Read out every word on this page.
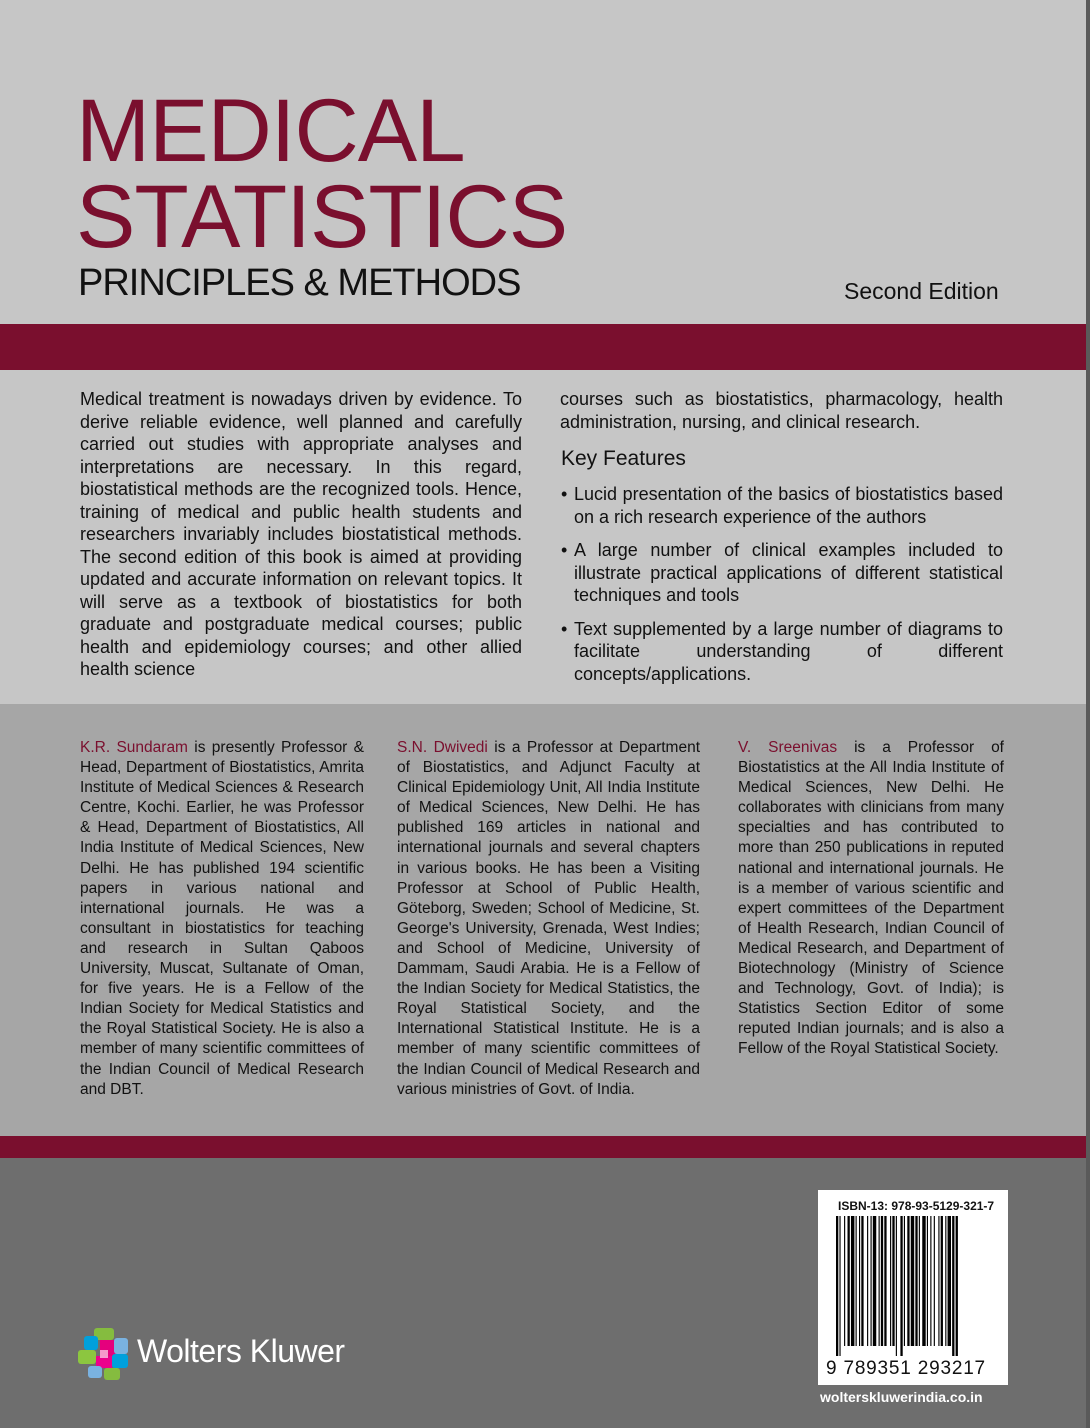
MEDICAL
STATISTICS
PRINCIPLES & METHODS	Second Edition
Medical treatment is nowadays driven by evidence. To derive reliable evidence, well planned and carefully carried out studies with appropriate analyses and interpretations are necessary. In this regard, biostatistical methods are the recognized tools. Hence, training of medical and public health students and researchers invariably includes biostatistical methods. The second edition of this book is aimed at providing updated and accurate information on relevant topics. It will serve as a textbook of biostatistics for both graduate and postgraduate medical courses; public health and epidemiology courses; and other allied health science
courses such as biostatistics, pharmacology, health administration, nursing, and clinical research.
Key Features
• Lucid presentation of the basics of biostatistics based on a rich research experience of the authors
• A large number of clinical examples included to illustrate practical applications of different statistical techniques and tools
• Text supplemented by a large number of diagrams to facilitate understanding of different concepts/applications.
K.R. Sundaram is presently Professor & Head, Department of Biostatistics, Amrita Institute of Medical Sciences & Research Centre, Kochi. Earlier, he was Professor & Head, Department of Biostatistics, All India Institute of Medical Sciences, New Delhi. He has published 194 scientific papers in various national and international journals. He was a consultant in biostatistics for teaching and research in Sultan Qaboos University, Muscat, Sultanate of Oman, for five years. He is a Fellow of the Indian Society for Medical Statistics and the Royal Statistical Society. He is also a member of many scientific committees of the Indian Council of Medical Research and DBT.
S.N. Dwivedi is a Professor at Department of Biostatistics, and Adjunct Faculty at Clinical Epidemiology Unit, All India Institute of Medical Sciences, New Delhi. He has published 169 articles in national and international journals and several chapters in various books. He has been a Visiting Professor at School of Public Health, Göteborg, Sweden; School of Medicine, St. George's University, Grenada, West Indies; and School of Medicine, University of Dammam, Saudi Arabia. He is a Fellow of the Indian Society for Medical Statistics, the Royal Statistical Society, and the International Statistical Institute. He is a member of many scientific committees of the Indian Council of Medical Research and various ministries of Govt. of India.
V. Sreenivas is a Professor of Biostatistics at the All India Institute of Medical Sciences, New Delhi. He collaborates with clinicians from many specialties and has contributed to more than 250 publications in reputed national and international journals. He is a member of various scientific and expert committees of the Department of Health Research, Indian Council of Medical Research, and Department of Biotechnology (Ministry of Science and Technology, Govt. of India); is Statistics Section Editor of some reputed Indian journals; and is also a Fellow of the Royal Statistical Society.
Wolters Kluwer
ISBN-13: 978-93-5129-321-7
9 789351 293217
wolterskluwerindia.co.in
